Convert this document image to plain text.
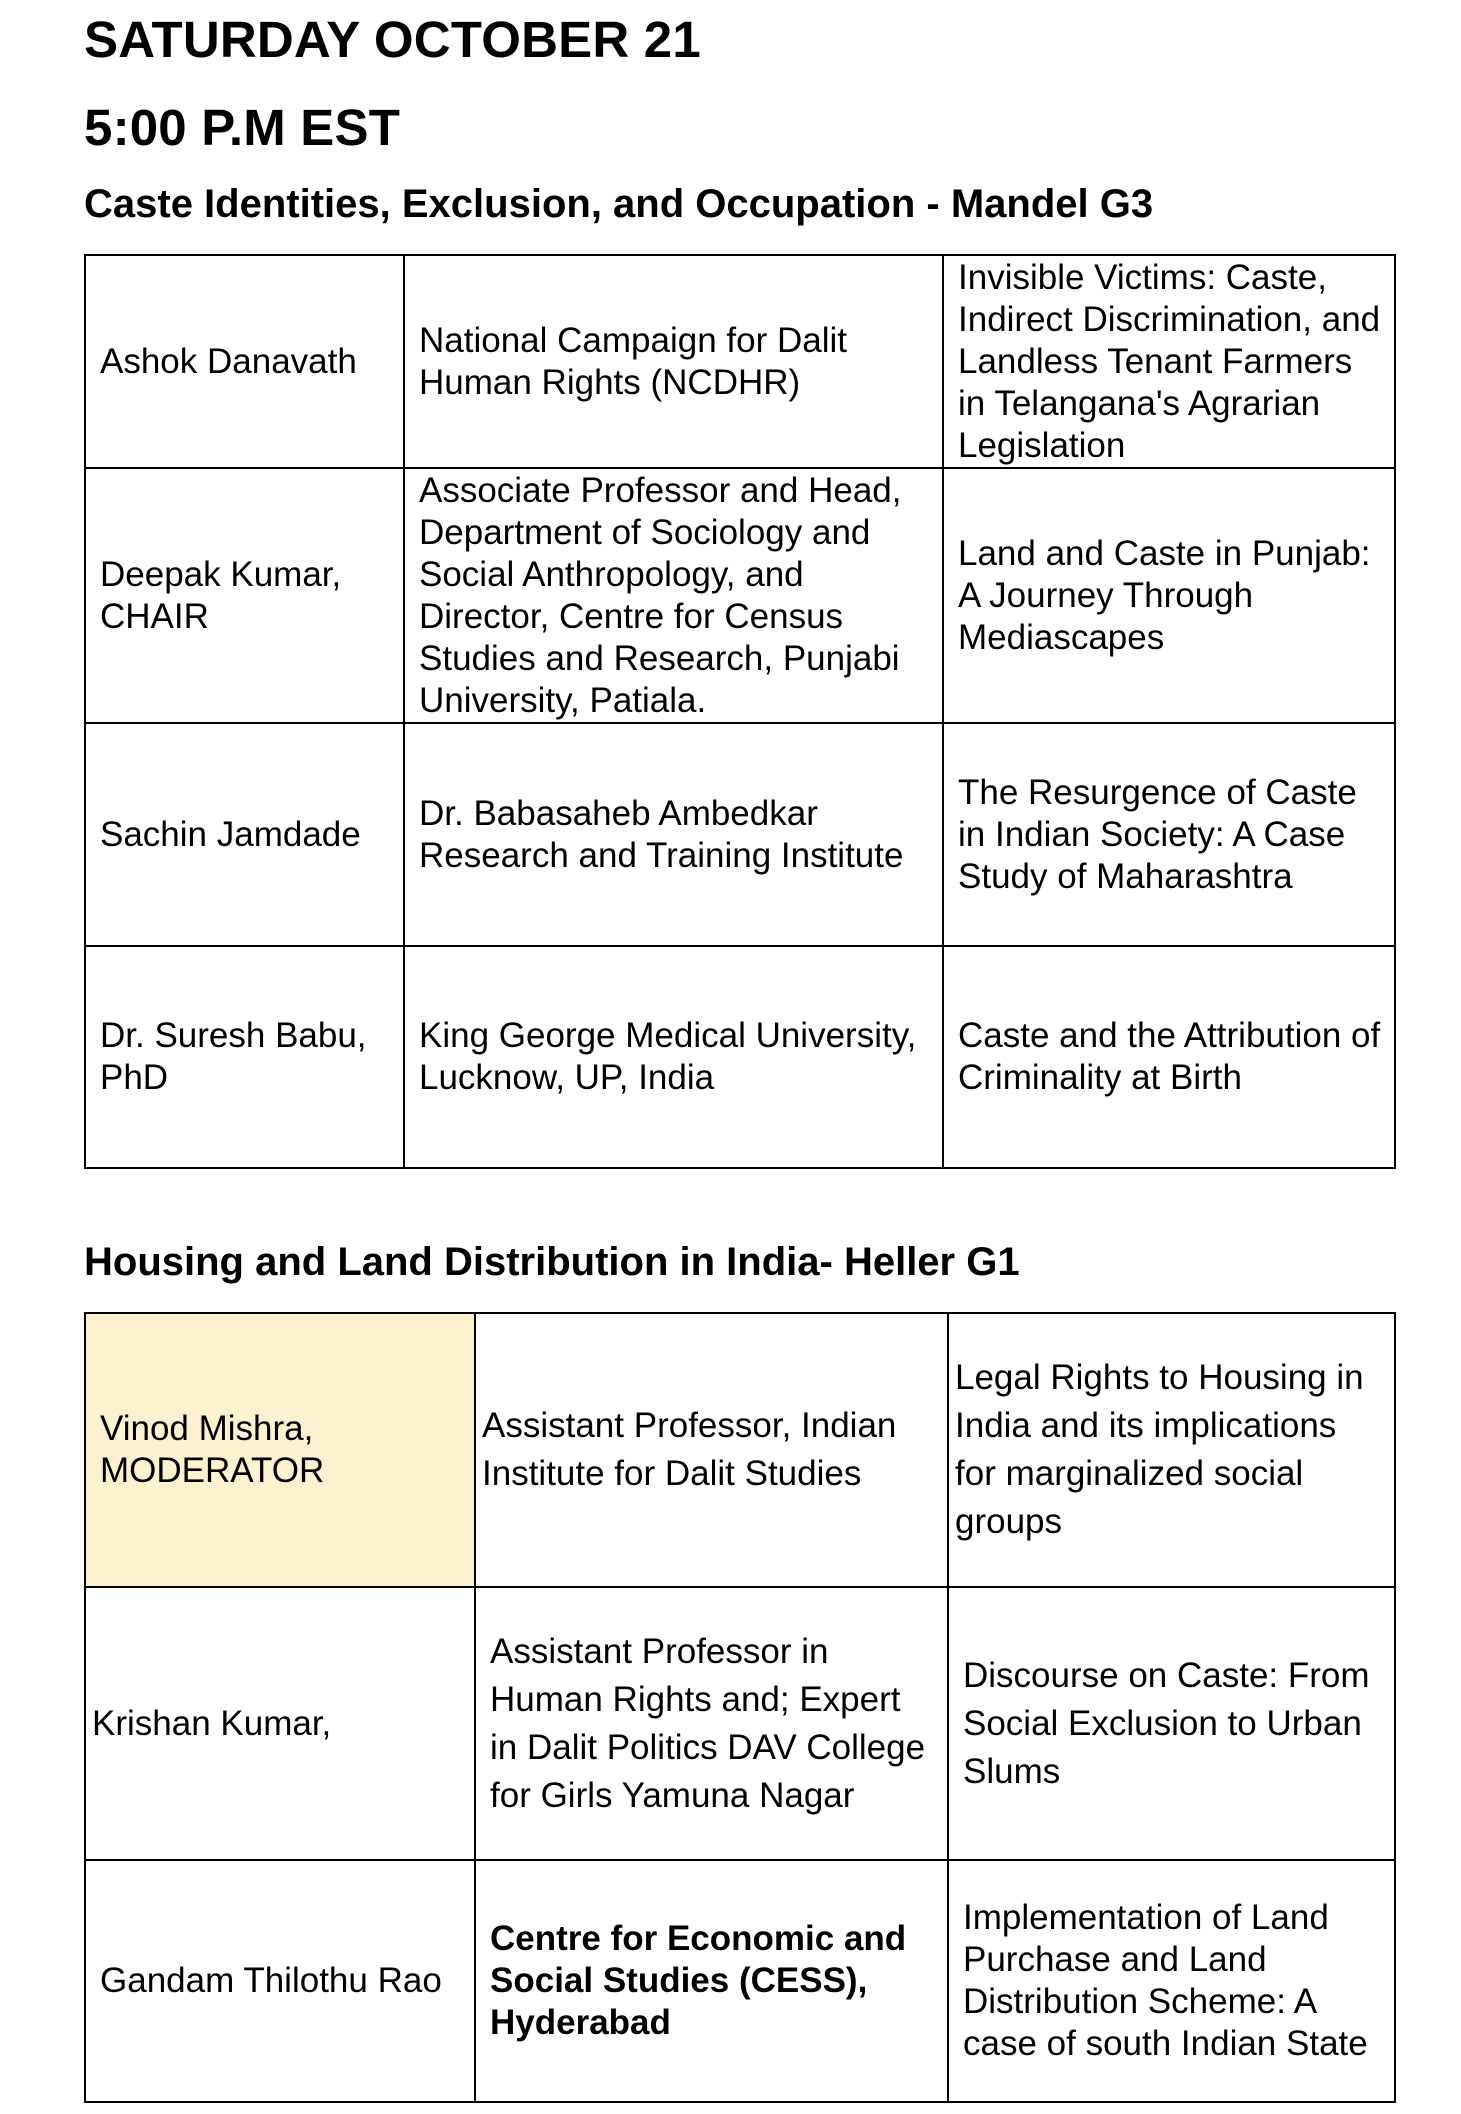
SATURDAY OCTOBER 21
5:00 P.M EST
Caste Identities, Exclusion, and Occupation - Mandel G3
Ashok Danavath	National Campaign for Dalit Human Rights (NCDHR)	Invisible Victims: Caste, Indirect Discrimination, and Landless Tenant Farmers in Telangana's Agrarian Legislation

Deepak Kumar, CHAIR	Associate Professor and Head, Department of Sociology and Social Anthropology, and Director, Centre for Census Studies and Research, Punjabi University, Patiala.	Land and Caste in Punjab: A Journey Through Mediascapes

Sachin Jamdade	Dr. Babasaheb Ambedkar Research and Training Institute	The Resurgence of Caste in Indian Society: A Case Study of Maharashtra

Dr. Suresh Babu, PhD	King George Medical University, Lucknow, UP, India	Caste and the Attribution of Criminality at Birth
Housing and Land Distribution in India- Heller G1
Vinod Mishra, MODERATOR	Assistant Professor, Indian Institute for Dalit Studies	Legal Rights to Housing in India and its implications for marginalized social groups

Krishan Kumar,	Assistant Professor in Human Rights and; Expert in Dalit Politics DAV College for Girls Yamuna Nagar	Discourse on Caste: From Social Exclusion to Urban Slums

Gandam Thilothu Rao	Centre for Economic and Social Studies (CESS), Hyderabad	Implementation of Land Purchase and Land Distribution Scheme: A case of south Indian State
